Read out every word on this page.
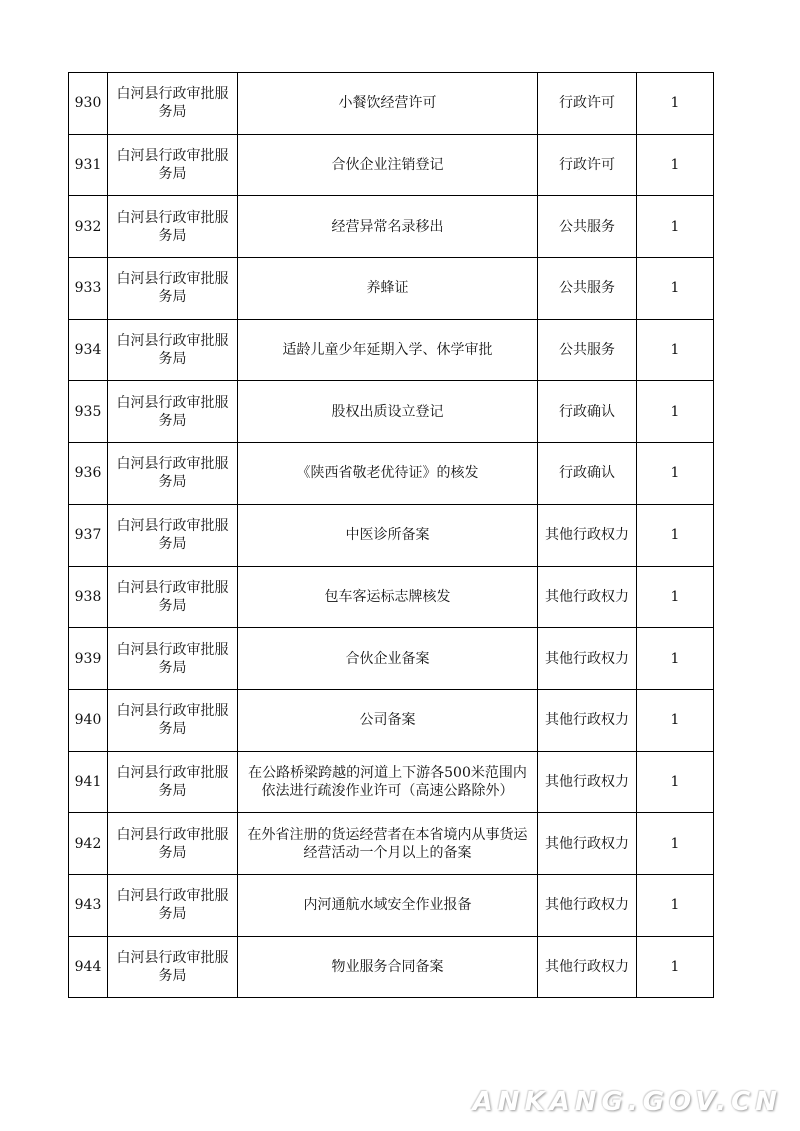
930	白河县行政审批服务局	小餐饮经营许可	行政许可	1
931	白河县行政审批服务局	合伙企业注销登记	行政许可	1
932	白河县行政审批服务局	经营异常名录移出	公共服务	1
933	白河县行政审批服务局	养蜂证	公共服务	1
934	白河县行政审批服务局	适龄儿童少年延期入学、休学审批	公共服务	1
935	白河县行政审批服务局	股权出质设立登记	行政确认	1
936	白河县行政审批服务局	《陕西省敬老优待证》的核发	行政确认	1
937	白河县行政审批服务局	中医诊所备案	其他行政权力	1
938	白河县行政审批服务局	包车客运标志牌核发	其他行政权力	1
939	白河县行政审批服务局	合伙企业备案	其他行政权力	1
940	白河县行政审批服务局	公司备案	其他行政权力	1
941	白河县行政审批服务局	在公路桥梁跨越的河道上下游各500米范围内依法进行疏浚作业许可（高速公路除外）	其他行政权力	1
942	白河县行政审批服务局	在外省注册的货运经营者在本省境内从事货运经营活动一个月以上的备案	其他行政权力	1
943	白河县行政审批服务局	内河通航水域安全作业报备	其他行政权力	1
944	白河县行政审批服务局	物业服务合同备案	其他行政权力	1
ANKANG.GOV.CN
